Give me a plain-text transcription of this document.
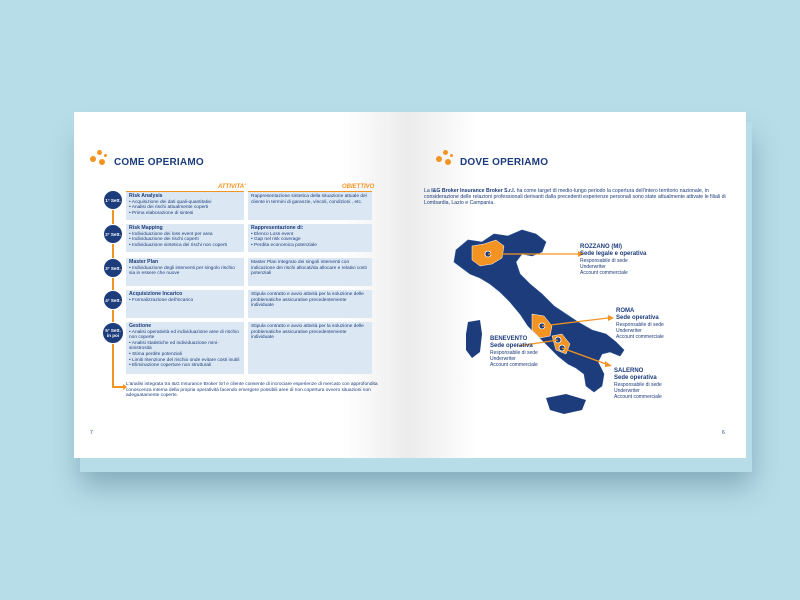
COME OPERIAMO
ATTIVITA'	OBIETTIVO
1° Sett.
Risk Analysis
• Acquisizione dei dati quali-quantitativi
• Analisi dei rischi attualmente coperti
• Prima elaborazione di sintesi
Rappresentazione sintetica della situazione attuale del cliente in termini di garanzie, vincoli, condizioni , etc.
2° Sett.
Risk Mapping
• Individuazione dei loss event per area
• Individuazione dei rischi coperti
• Individuazione sintetica dei rischi non coperti
Rappresentazione di:
• Elenco Loss event
• Gap nel risk coverage
• Perdita economica potenziale
3° Sett.
Master Plan
• Individuazione degli interventi per singolo rischio sia in essere che nuove
Master Plan integrato dei singoli interventi con indicazione dei rischi allocati/da allocare e relativi costi potenziali
4° Sett.
Acquisizione Incarico
• Formalizzazione dell'incarico
Stipula contratto e avvio attività per la soluzione delle problematiche assicurative precedentemente individuate
5° Sett. in poi
Gestione
• Analisi operatività ed individuazione aree di rischio non coperte
• Analisi statistiche ed individuazione mini-sinistrosità
• Stima perdite potenziali
• Limiti ritenzione del rischio onde evitare costi inutili
• Eliminazione coperture non strutturali
Stipula contratto e avvio attività per la soluzione delle problematiche assicurative precedentemente individuate
L'analisi integrata tra I&G Insurance Broker Srl e cliente consente di incrociare esperienze di mercato con approfondita conoscenza interna della propria operatività facendo emergere possibili aree di non copertura ovvero situazioni non adeguatamente coperte.
7
DOVE OPERIAMO
La I&G Broker Insurance Broker S.r.l. ha come target di medio-lungo periodo la copertura dell'intero territorio nazionale, in considerazione delle relazioni professionali derivanti dalla precedenti esperienze personali sono state attualmente attivate le filiali di Lombardia, Lazio e Campania.
ROZZANO (MI)
Sede legale e operativa
Responsabile di sede
Underwriter
Account commerciale
ROMA
Sede operativa
Responsabile di sede
Underwriter
Account commerciale
BENEVENTO
Sede operativa
Responsabile di sede
Underwriter
Account commerciale
SALERNO
Sede operativa
Responsabile di sede
Underwriter
Account commerciale
6
